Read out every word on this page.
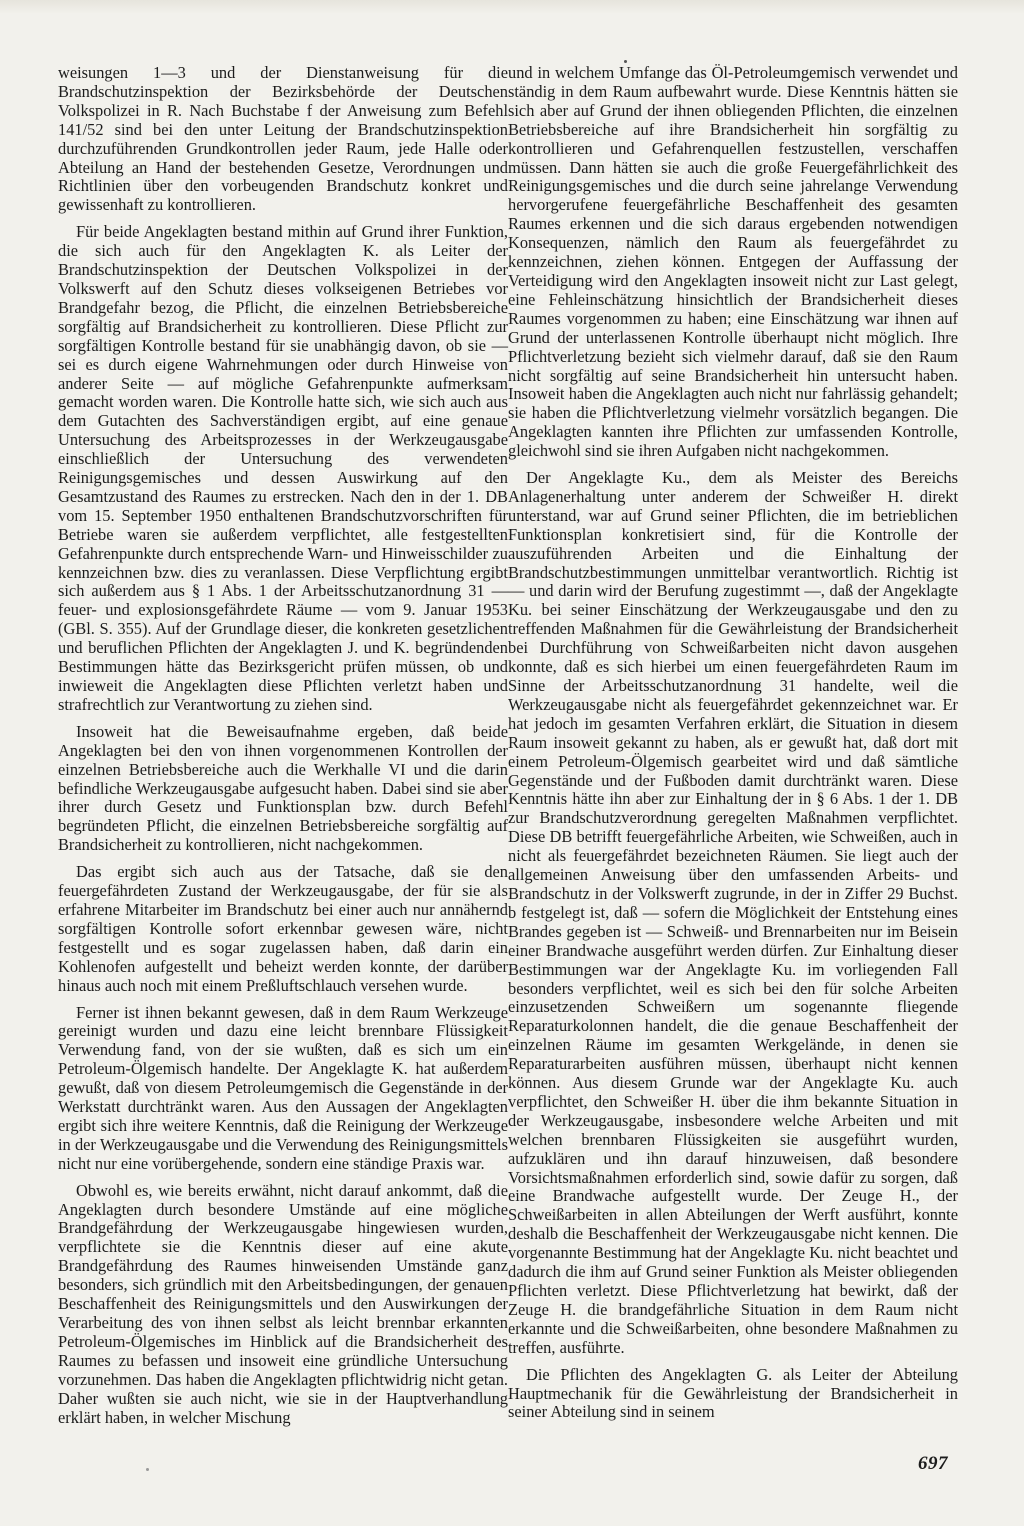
weisungen 1—3 und der Dienstanweisung für die Brandschutzinspektion der Bezirksbehörde der Deutschen Volkspolizei in R. Nach Buchstabe f der Anweisung zum Befehl 141/52 sind bei den unter Leitung der Brandschutzinspektion durchzuführenden Grundkontrollen jeder Raum, jede Halle oder Abteilung an Hand der bestehenden Gesetze, Verordnungen und Richtlinien über den vorbeugenden Brandschutz konkret und gewissenhaft zu kontrollieren.

Für beide Angeklagten bestand mithin auf Grund ihrer Funktion, die sich auch für den Angeklagten K. als Leiter der Brandschutzinspektion der Deutschen Volkspolizei in der Volkswerft auf den Schutz dieses volkseigenen Betriebes vor Brandgefahr bezog, die Pflicht, die einzelnen Betriebsbereiche sorgfältig auf Brandsicherheit zu kontrollieren. Diese Pflicht zur sorgfältigen Kontrolle bestand für sie unabhängig davon, ob sie — sei es durch eigene Wahrnehmungen oder durch Hinweise von anderer Seite — auf mögliche Gefahrenpunkte aufmerksam gemacht worden waren. Die Kontrolle hatte sich, wie sich auch aus dem Gutachten des Sachverständigen ergibt, auf eine genaue Untersuchung des Arbeitsprozesses in der Werkzeugausgabe einschließlich der Untersuchung des verwendeten Reinigungsgemisches und dessen Auswirkung auf den Gesamtzustand des Raumes zu erstrecken. Nach den in der 1. DB vom 15. September 1950 enthaltenen Brandschutzvorschriften für Betriebe waren sie außerdem verpflichtet, alle festgestellten Gefahrenpunkte durch entsprechende Warn- und Hinweisschilder zu kennzeichnen bzw. dies zu veranlassen. Diese Verpflichtung ergibt sich außerdem aus § 1 Abs. 1 der Arbeitsschutzanordnung 31 — feuer- und explosionsgefährdete Räume — vom 9. Januar 1953 (GBl. S. 355). Auf der Grundlage dieser, die konkreten gesetzlichen und beruflichen Pflichten der Angeklagten J. und K. begründenden Bestimmungen hätte das Bezirksgericht prüfen müssen, ob und inwieweit die Angeklagten diese Pflichten verletzt haben und strafrechtlich zur Verantwortung zu ziehen sind.

Insoweit hat die Beweisaufnahme ergeben, daß beide Angeklagten bei den von ihnen vorgenommenen Kontrollen der einzelnen Betriebsbereiche auch die Werkhalle VI und die darin befindliche Werkzeugausgabe aufgesucht haben. Dabei sind sie aber ihrer durch Gesetz und Funktionsplan bzw. durch Befehl begründeten Pflicht, die einzelnen Betriebsbereiche sorgfältig auf Brandsicherheit zu kontrollieren, nicht nachgekommen.

Das ergibt sich auch aus der Tatsache, daß sie den feuergefährdeten Zustand der Werkzeugausgabe, der für sie als erfahrene Mitarbeiter im Brandschutz bei einer auch nur annähernd sorgfältigen Kontrolle sofort erkennbar gewesen wäre, nicht festgestellt und es sogar zugelassen haben, daß darin ein Kohlenofen aufgestellt und beheizt werden konnte, der darüber hinaus auch noch mit einem Preßluftschlauch versehen wurde.

Ferner ist ihnen bekannt gewesen, daß in dem Raum Werkzeuge gereinigt wurden und dazu eine leicht brennbare Flüssigkeit Verwendung fand, von der sie wußten, daß es sich um ein Petroleum-Ölgemisch handelte. Der Angeklagte K. hat außerdem gewußt, daß von diesem Petroleumgemisch die Gegenstände in der Werkstatt durchtränkt waren. Aus den Aussagen der Angeklagten ergibt sich ihre weitere Kenntnis, daß die Reinigung der Werkzeuge in der Werkzeugausgabe und die Verwendung des Reinigungsmittels nicht nur eine vorübergehende, sondern eine ständige Praxis war.

Obwohl es, wie bereits erwähnt, nicht darauf ankommt, daß die Angeklagten durch besondere Umstände auf eine mögliche Brandgefährdung der Werkzeugausgabe hingewiesen wurden, verpflichtete sie die Kenntnis dieser auf eine akute Brandgefährdung des Raumes hinweisenden Umstände ganz besonders, sich gründlich mit den Arbeitsbedingungen, der genauen Beschaffenheit des Reinigungsmittels und den Auswirkungen der Verarbeitung des von ihnen selbst als leicht brennbar erkannten Petroleum-Ölgemisches im Hinblick auf die Brandsicherheit des Raumes zu befassen und insoweit eine gründliche Untersuchung vorzunehmen. Das haben die Angeklagten pflichtwidrig nicht getan. Daher wußten sie auch nicht, wie sie in der Hauptverhandlung erklärt haben, in welcher Mischung

und in welchem Umfange das Öl-Petroleumgemisch verwendet und ständig in dem Raum aufbewahrt wurde. Diese Kenntnis hätten sie sich aber auf Grund der ihnen obliegenden Pflichten, die einzelnen Betriebsbereiche auf ihre Brandsicherheit hin sorgfältig zu kontrollieren und Gefahrenquellen festzustellen, verschaffen müssen. Dann hätten sie auch die große Feuergefährlichkeit des Reinigungsgemisches und die durch seine jahrelange Verwendung hervorgerufene feuergefährliche Beschaffenheit des gesamten Raumes erkennen und die sich daraus ergebenden notwendigen Konsequenzen, nämlich den Raum als feuergefährdet zu kennzeichnen, ziehen können. Entgegen der Auffassung der Verteidigung wird den Angeklagten insoweit nicht zur Last gelegt, eine Fehleinschätzung hinsichtlich der Brandsicherheit dieses Raumes vorgenommen zu haben; eine Einschätzung war ihnen auf Grund der unterlassenen Kontrolle überhaupt nicht möglich. Ihre Pflichtverletzung bezieht sich vielmehr darauf, daß sie den Raum nicht sorgfältig auf seine Brandsicherheit hin untersucht haben. Insoweit haben die Angeklagten auch nicht nur fahrlässig gehandelt; sie haben die Pflichtverletzung vielmehr vorsätzlich begangen. Die Angeklagten kannten ihre Pflichten zur umfassenden Kontrolle, gleichwohl sind sie ihren Aufgaben nicht nachgekommen.

Der Angeklagte Ku., dem als Meister des Bereichs Anlagenerhaltung unter anderem der Schweißer H. direkt unterstand, war auf Grund seiner Pflichten, die im betrieblichen Funktionsplan konkretisiert sind, für die Kontrolle der auszuführenden Arbeiten und die Einhaltung der Brandschutzbestimmungen unmittelbar verantwortlich. Richtig ist — und darin wird der Berufung zugestimmt —, daß der Angeklagte Ku. bei seiner Einschätzung der Werkzeugausgabe und den zu treffenden Maßnahmen für die Gewährleistung der Brandsicherheit bei Durchführung von Schweißarbeiten nicht davon ausgehen konnte, daß es sich hierbei um einen feuergefährdeten Raum im Sinne der Arbeitsschutzanordnung 31 handelte, weil die Werkzeugausgabe nicht als feuergefährdet gekennzeichnet war. Er hat jedoch im gesamten Verfahren erklärt, die Situation in diesem Raum insoweit gekannt zu haben, als er gewußt hat, daß dort mit einem Petroleum-Ölgemisch gearbeitet wird und daß sämtliche Gegenstände und der Fußboden damit durchtränkt waren. Diese Kenntnis hätte ihn aber zur Einhaltung der in § 6 Abs. 1 der 1. DB zur Brandschutzverordnung geregelten Maßnahmen verpflichtet. Diese DB betrifft feuergefährliche Arbeiten, wie Schweißen, auch in nicht als feuergefährdet bezeichneten Räumen. Sie liegt auch der allgemeinen Anweisung über den umfassenden Arbeits- und Brandschutz in der Volkswerft zugrunde, in der in Ziffer 29 Buchst. b festgelegt ist, daß — sofern die Möglichkeit der Entstehung eines Brandes gegeben ist — Schweiß- und Brennarbeiten nur im Beisein einer Brandwache ausgeführt werden dürfen. Zur Einhaltung dieser Bestimmungen war der Angeklagte Ku. im vorliegenden Fall besonders verpflichtet, weil es sich bei den für solche Arbeiten einzusetzenden Schweißern um sogenannte fliegende Reparaturkolonnen handelt, die die genaue Beschaffenheit der einzelnen Räume im gesamten Werkgelände, in denen sie Reparaturarbeiten ausführen müssen, überhaupt nicht kennen können. Aus diesem Grunde war der Angeklagte Ku. auch verpflichtet, den Schweißer H. über die ihm bekannte Situation in der Werkzeugausgabe, insbesondere welche Arbeiten und mit welchen brennbaren Flüssigkeiten sie ausgeführt wurden, aufzuklären und ihn darauf hinzuweisen, daß besondere Vorsichtsmaßnahmen erforderlich sind, sowie dafür zu sorgen, daß eine Brandwache aufgestellt wurde. Der Zeuge H., der Schweißarbeiten in allen Abteilungen der Werft ausführt, konnte deshalb die Beschaffenheit der Werkzeugausgabe nicht kennen. Die vorgenannte Bestimmung hat der Angeklagte Ku. nicht beachtet und dadurch die ihm auf Grund seiner Funktion als Meister obliegenden Pflichten verletzt. Diese Pflichtverletzung hat bewirkt, daß der Zeuge H. die brandgefährliche Situation in dem Raum nicht erkannte und die Schweißarbeiten, ohne besondere Maßnahmen zu treffen, ausführte.

Die Pflichten des Angeklagten G. als Leiter der Abteilung Hauptmechanik für die Gewährleistung der Brandsicherheit in seiner Abteilung sind in seinem

697
